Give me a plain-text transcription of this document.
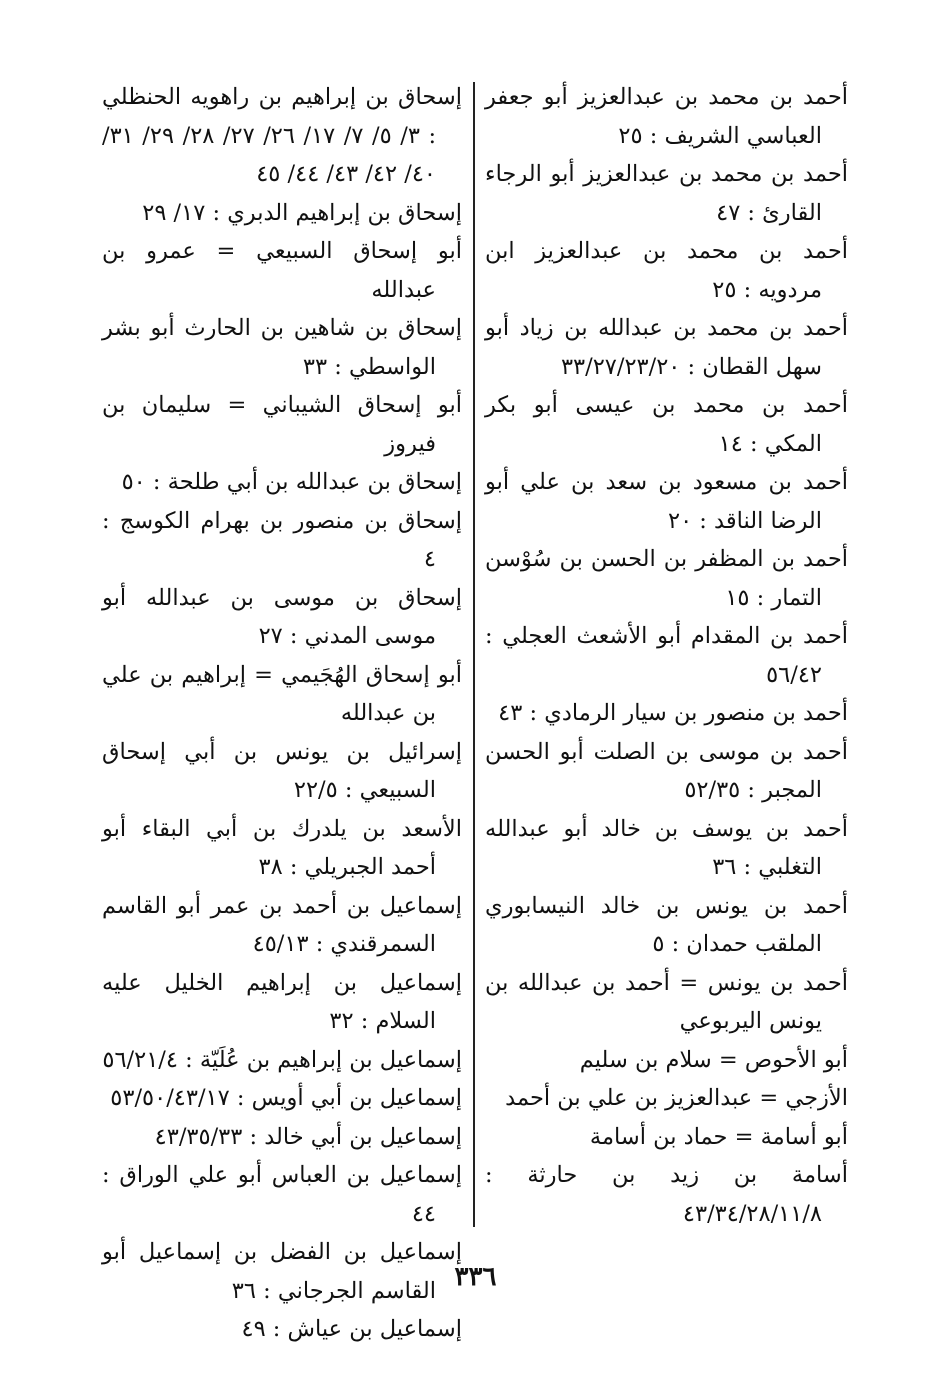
أحمد بن محمد بن عبدالعزيز أبو جعفر العباسي الشريف : ٢٥

أحمد بن محمد بن عبدالعزيز أبو الرجاء القارئ : ٤٧

أحمد بن محمد بن عبدالعزيز ابن مردويه : ٢٥

أحمد بن محمد بن عبدالله بن زياد أبو سهل القطان : ٣٣/٢٧/٢٣/٢٠

أحمد بن محمد بن عيسى أبو بكر المكي : ١٤

أحمد بن مسعود بن سعد بن علي أبو الرضا الناقد : ٢٠

أحمد بن المظفر بن الحسن بن سُوْسن التمار : ١٥

أحمد بن المقدام أبو الأشعث العجلي : ٥٦/٤٢

أحمد بن منصور بن سيار الرمادي : ٤٣

أحمد بن موسى بن الصلت أبو الحسن المجبر : ٥٢/٣٥

أحمد بن يوسف بن خالد أبو عبدالله التغلبي : ٣٦

أحمد بن يونس بن خالد النيسابوري الملقب حمدان : ٥

أحمد بن يونس = أحمد بن عبدالله بن يونس اليربوعي

أبو الأحوص = سلام بن سليم

الأزجي = عبدالعزيز بن علي بن أحمد

أبو أسامة = حماد بن أسامة

أسامة بن زيد بن حارثة : ٤٣/٣٤/٢٨/١١/٨

إسحاق بن إبراهيم بن راهويه الحنظلي : ٣/ ٥/ ٧/ ١٧/ ٢٦/ ٢٧/ ٢٨/ ٢٩/ ٣١/ ٤٠/ ٤٢/ ٤٣/ ٤٤/ ٤٥

إسحاق بن إبراهيم الدبري : ١٧/ ٢٩

أبو إسحاق السبيعي = عمرو بن عبدالله

إسحاق بن شاهين بن الحارث أبو بشر الواسطي : ٣٣

أبو إسحاق الشيباني = سليمان بن فيروز

إسحاق بن عبدالله بن أبي طلحة : ٥٠

إسحاق بن منصور بن بهرام الكوسج : ٤

إسحاق بن موسى بن عبدالله أبو موسى المدني : ٢٧

أبو إسحاق الهُجَيمي = إبراهيم بن علي بن عبدالله

إسرائيل بن يونس بن أبي إسحاق السبيعي : ٢٢/٥

الأسعد بن يلدرك بن أبي البقاء أبو أحمد الجبريلي : ٣٨

إسماعيل بن أحمد بن عمر أبو القاسم السمرقندي : ٤٥/١٣

إسماعيل بن إبراهيم الخليل عليه السلام : ٣٢

إسماعيل بن إبراهيم بن عُلَيّة : ٥٦/٢١/٤

إسماعيل بن أبي أويس : ٥٣/٥٠/٤٣/١٧

إسماعيل بن أبي خالد : ٤٣/٣٥/٣٣

إسماعيل بن العباس أبو علي الوراق : ٤٤

إسماعيل بن الفضل بن إسماعيل أبو القاسم الجرجاني : ٣٦

إسماعيل بن عياش : ٤٩

٣٣٦
